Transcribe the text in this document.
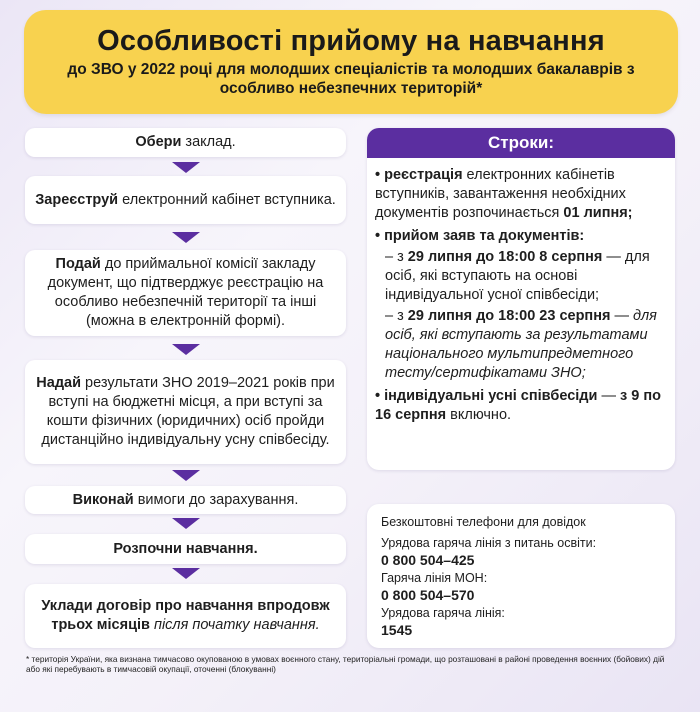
Особливості прийому на навчання
до ЗВО у 2022 році для молодших спеціалістів та молодших бакалаврів з особливо небезпечних територій*
Обери заклад.
Зареєструй електронний кабінет вступника.
Подай до приймальної комісії закладу документ, що підтверджує реєстрацію на особливо небезпечній території та інші (можна в електронній формі).
Надай результати ЗНО 2019–2021 років при вступі на бюджетні місця, а при вступі за кошти фізичних (юридичних) осіб пройди дистанційно індивідуальну усну співбесіду.
Виконай вимоги до зарахування.
Розпочни навчання.
Уклади договір про навчання впродовж трьох місяців після початку навчання.
Строки:
• реєстрація електронних кабінетів вступників, завантаження необхідних документів розпочинається 01 липня;
• прийом заяв та документів:
– з 29 липня до 18:00 8 серпня — для осіб, які вступають на основі індивідуальної усної співбесіди;
– з 29 липня до 18:00 23 серпня — для осіб, які вступають за результатами національного мультипредметного тесту/сертифікатами ЗНО;
• індивідуальні усні співбесіди — з 9 по 16 серпня включно.
Безкоштовні телефони для довідок
Урядова гаряча лінія з питань освіти:
0 800 504–425
Гаряча лінія МОН:
0 800 504–570
Урядова гаряча лінія:
1545
* територія України, яка визнана тимчасово окупованою в умовах воєнного стану, територіальні громади, що розташовані в районі проведення воєнних (бойових) дій або які перебувають в тимчасовій окупації, оточенні (блокуванні)
